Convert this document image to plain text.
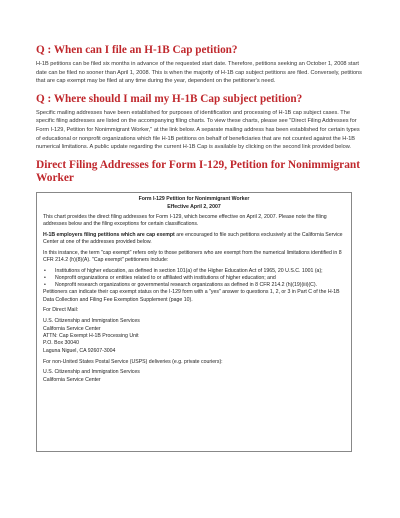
Q : When can I file an H-1B Cap petition?

H-1B petitions can be filed six months in advance of the requested start date. Therefore, petitions seeking an October 1, 2008 start date can be filed no sooner than April 1, 2008. This is when the majority of H-1B cap subject petitions are filed. Conversely, petitions that are cap exempt may be filed at any time during the year, dependent on the petitioner's need.

Q : Where should I mail my H-1B Cap subject petition?

Specific mailing addresses have been established for purposes of identification and processing of H-1B cap subject cases. The specific filing addresses are listed on the accompanying filing charts. To view these charts, please see "Direct Filing Addresses for Form I-129, Petition for Nonimmigrant Worker," at the link below. A separate mailing address has been established for certain types of educational or nonprofit organizations which file H-1B petitions on behalf of beneficiaries that are not counted against the H-1B numerical limitations. A public update regarding the current H-1B Cap is available by clicking on the second link provided below.

Direct Filing Addresses for Form I-129, Petition for Nonimmigrant Worker
Form I-129 Petition for Nonimmigrant Worker
Effective April 2, 2007

This chart provides the direct filing addresses for Form I-129, which become effective on April 2, 2007. Please note the filing addresses below and the filing exceptions for certain classifications.

H-1B employers filing petitions which are cap exempt are encouraged to file such petitions exclusively at the California Service Center at one of the addresses provided below.

In this instance, the term "cap exempt" refers only to those petitioners who are exempt from the numerical limitations identified in 8 CFR 214.2 (h)(8)(A). "Cap exempt" petitioners include:

• Institutions of higher education, as defined in section 101(a) of the Higher Education Act of 1965, 20 U.S.C. 1001 (a);
• Nonprofit organizations or entities related to or affiliated with institutions of higher education; and
• Nonprofit research organizations or governmental research organizations as defined in 8 CFR 214.2 (h)(19)(iii)(C).

Petitioners can indicate their cap exempt status on the I-129 form with a "yes" answer to questions 1, 2, or 3 in Part C of the H-1B Data Collection and Filing Fee Exemption Supplement (page 10).

For Direct Mail:

U.S. Citizenship and Immigration Services
California Service Center
ATTN: Cap Exempt H-1B Processing Unit
P.O. Box 30040
Laguna Niguel, CA 92607-3004

For non-United States Postal Service (USPS) deliveries (e.g. private couriers):

U.S. Citizenship and Immigration Services
California Service Center
